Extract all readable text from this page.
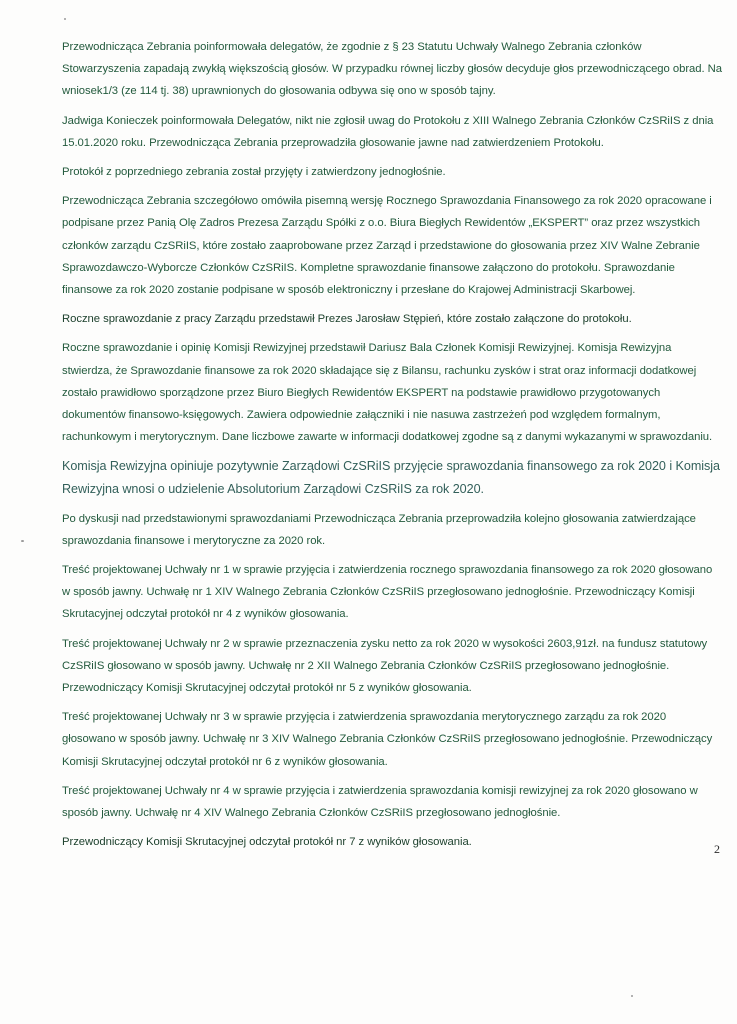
Przewodnicząca Zebrania poinformowała delegatów, że zgodnie z § 23 Statutu Uchwały Walnego Zebrania członków Stowarzyszenia zapadają zwykłą większością głosów. W przypadku równej liczby głosów decyduje głos przewodniczącego obrad. Na wniosek1/3 (ze 114 tj. 38) uprawnionych do głosowania odbywa się ono w sposób tajny.

Jadwiga Konieczek poinformowała Delegatów, nikt nie zgłosił uwag do Protokołu z XIII Walnego Zebrania Członków CzSRiIS z dnia 15.01.2020 roku. Przewodnicząca Zebrania przeprowadziła głosowanie jawne nad zatwierdzeniem Protokołu.

Protokół z poprzedniego zebrania został przyjęty i zatwierdzony jednogłośnie.

Przewodnicząca Zebrania szczegółowo omówiła pisemną wersję Rocznego Sprawozdania Finansowego za rok 2020 opracowane i podpisane przez Panią Olę Zadros Prezesa Zarządu Spółki z o.o. Biura Biegłych Rewidentów „EKSPERT” oraz przez wszystkich członków zarządu CzSRiIS, które zostało zaaprobowane przez Zarząd i przedstawione do głosowania przez XIV Walne Zebranie Sprawozdawczo-Wyborcze Członków CzSRiIS. Kompletne sprawozdanie finansowe załączono do protokołu. Sprawozdanie finansowe za rok 2020 zostanie podpisane w sposób elektroniczny i przesłane do Krajowej Administracji Skarbowej.

Roczne sprawozdanie z pracy Zarządu przedstawił Prezes Jarosław Stępień, które zostało załączone do protokołu.

Roczne sprawozdanie i opinię Komisji Rewizyjnej przedstawił Dariusz Bala Członek Komisji Rewizyjnej. Komisja Rewizyjna stwierdza, że Sprawozdanie finansowe za rok 2020 składające się z Bilansu, rachunku zysków i strat oraz informacji dodatkowej zostało prawidłowo sporządzone przez Biuro Biegłych Rewidentów EKSPERT na podstawie prawidłowo przygotowanych dokumentów finansowo-księgowych. Zawiera odpowiednie załączniki i nie nasuwa zastrzeżeń pod względem formalnym, rachunkowym i merytorycznym. Dane liczbowe zawarte w informacji dodatkowej zgodne są z danymi wykazanymi w sprawozdaniu.

Komisja Rewizyjna opiniuje pozytywnie Zarządowi CzSRiIS przyjęcie sprawozdania finansowego za rok 2020 i Komisja Rewizyjna wnosi o udzielenie Absolutorium Zarządowi CzSRiIS za rok 2020.

Po dyskusji nad przedstawionymi sprawozdaniami Przewodnicząca Zebrania przeprowadziła kolejno głosowania zatwierdzające sprawozdania finansowe i merytoryczne za 2020 rok.

Treść projektowanej Uchwały nr 1 w sprawie przyjęcia i zatwierdzenia rocznego sprawozdania finansowego za rok 2020 głosowano w sposób jawny. Uchwałę nr 1 XIV Walnego Zebrania Członków CzSRiIS przegłosowano jednogłośnie. Przewodniczący Komisji Skrutacyjnej odczytał protokół nr 4 z wyników głosowania.

Treść projektowanej Uchwały nr 2 w sprawie przeznaczenia zysku netto za rok 2020 w wysokości 2603,91zł. na fundusz statutowy CzSRiIS głosowano w sposób jawny. Uchwałę nr 2 XII Walnego Zebrania Członków CzSRiIS przegłosowano jednogłośnie. Przewodniczący Komisji Skrutacyjnej odczytał protokół nr 5 z wyników głosowania.

Treść projektowanej Uchwały nr 3 w sprawie przyjęcia i zatwierdzenia sprawozdania merytorycznego zarządu za rok 2020 głosowano w sposób jawny. Uchwałę nr 3 XIV Walnego Zebrania Członków CzSRiIS przegłosowano jednogłośnie. Przewodniczący Komisji Skrutacyjnej odczytał protokół nr 6 z wyników głosowania.

Treść projektowanej Uchwały nr 4 w sprawie przyjęcia i zatwierdzenia sprawozdania komisji rewizyjnej za rok 2020 głosowano w sposób jawny. Uchwałę nr 4 XIV Walnego Zebrania Członków CzSRiIS przegłosowano jednogłośnie.

Przewodniczący Komisji Skrutacyjnej odczytał protokół nr 7 z wyników głosowania.	2
